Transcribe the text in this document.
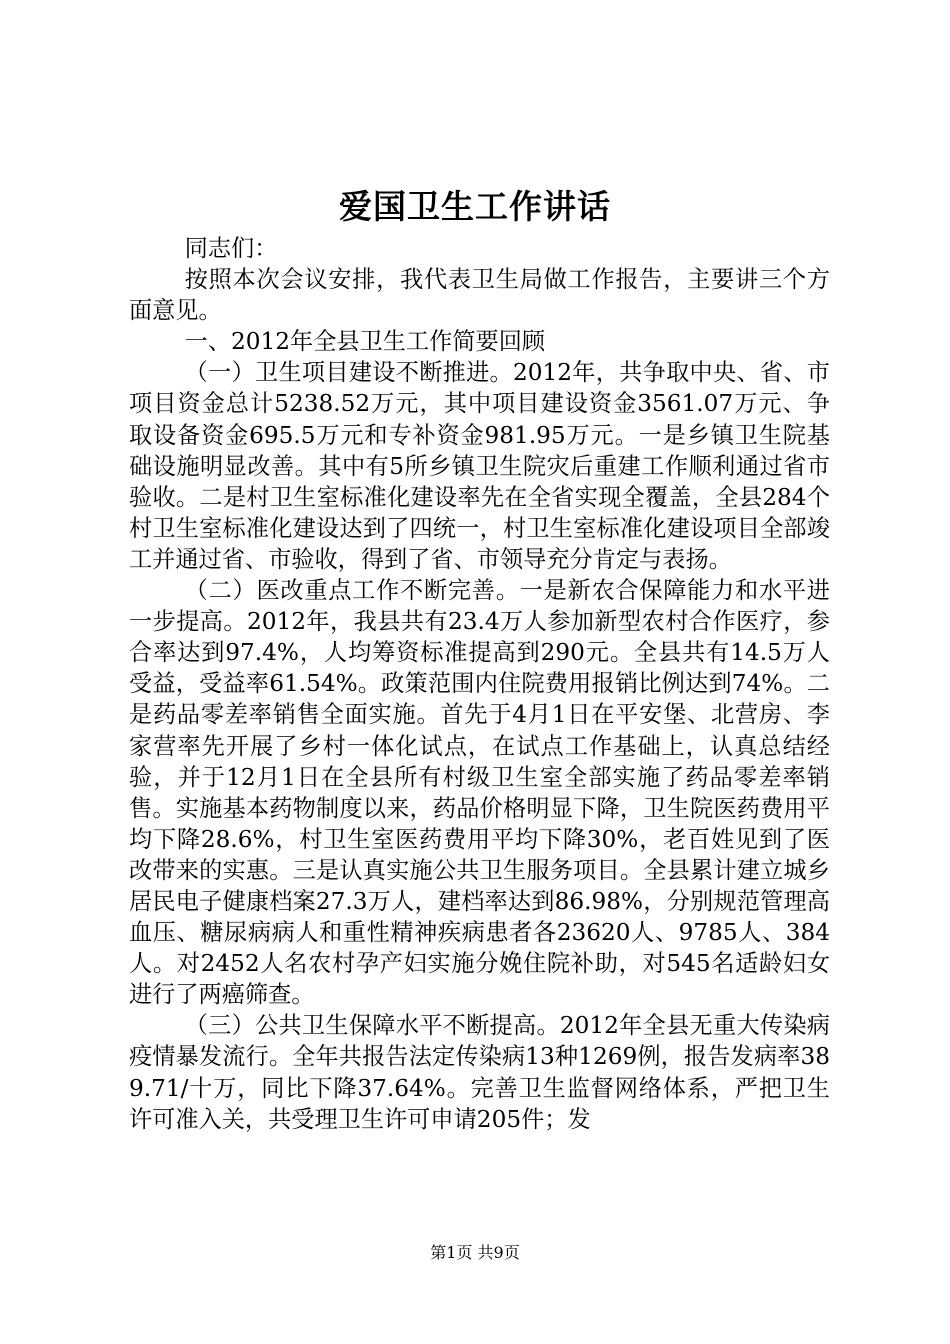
爱国卫生工作讲话

同志们：

按照本次会议安排，我代表卫生局做工作报告，主要讲三个方面意见。

一、2012年全县卫生工作简要回顾

（一）卫生项目建设不断推进。2012年，共争取中央、省、市项目资金总计5238.52万元，其中项目建设资金3561.07万元、争取设备资金695.5万元和专补资金981.95万元。一是乡镇卫生院基础设施明显改善。其中有5所乡镇卫生院灾后重建工作顺利通过省市验收。二是村卫生室标准化建设率先在全省实现全覆盖，全县284个村卫生室标准化建设达到了四统一，村卫生室标准化建设项目全部竣工并通过省、市验收，得到了省、市领导充分肯定与表扬。

（二）医改重点工作不断完善。一是新农合保障能力和水平进一步提高。2012年，我县共有23.4万人参加新型农村合作医疗，参合率达到97.4%，人均筹资标准提高到290元。全县共有14.5万人受益，受益率61.54%。政策范围内住院费用报销比例达到74%。二是药品零差率销售全面实施。首先于4月1日在平安堡、北营房、李家营率先开展了乡村一体化试点，在试点工作基础上，认真总结经验，并于12月1日在全县所有村级卫生室全部实施了药品零差率销售。实施基本药物制度以来，药品价格明显下降，卫生院医药费用平均下降28.6%，村卫生室医药费用平均下降30%，老百姓见到了医改带来的实惠。三是认真实施公共卫生服务项目。全县累计建立城乡居民电子健康档案27.3万人，建档率达到86.98%，分别规范管理高血压、糖尿病病人和重性精神疾病患者各23620人、9785人、384人。对2452人名农村孕产妇实施分娩住院补助，对545名适龄妇女进行了两癌筛查。

（三）公共卫生保障水平不断提高。2012年全县无重大传染病疫情暴发流行。全年共报告法定传染病13种1269例，报告发病率389.71/十万，同比下降37.64%。完善卫生监督网络体系，严把卫生许可准入关，共受理卫生许可申请205件；发

第1页 共9页
